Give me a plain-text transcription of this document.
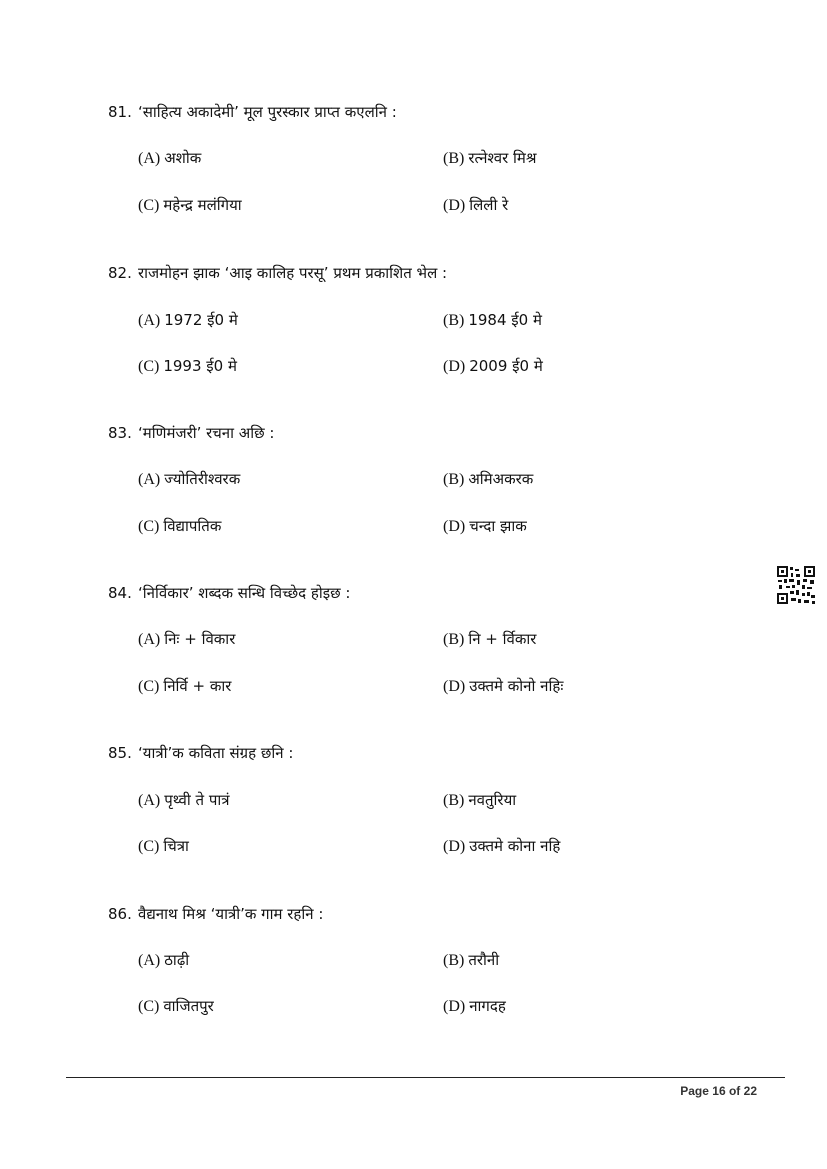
81. ‘साहित्य अकादेमी’ मूल पुरस्कार प्राप्त कएलनि :
(A) अशोक	(B) रत्नेश्वर मिश्र
(C) महेन्द्र मलंगिया	(D) लिली रे
82. राजमोहन झाक ‘आइ कालिह परसू’ प्रथम प्रकाशित भेल :
(A) 1972 ई0 मे	(B) 1984 ई0 मे
(C) 1993 ई0 मे	(D) 2009 ई0 मे
83. ‘मणिमंजरी’ रचना अछि :
(A) ज्योतिरीश्वरक	(B) अमिअकरक
(C) विद्यापतिक	(D) चन्दा झाक
84. ‘निर्विकार’ शब्दक सन्धि विच्छेद होइछ :
(A) निः + विकार	(B) नि + र्विकार
(C) निर्वि + कार	(D) उक्तमे कोनो नहिः
85. ‘यात्री’क कविता संग्रह छनि :
(A) पृथ्वी ते पात्रं	(B) नवतुरिया
(C) चित्रा	(D) उक्तमे कोना नहि
86. वैद्यनाथ मिश्र ‘यात्री’क गाम रहनि :
(A) ठाढ़ी	(B) तरौनी
(C) वाजितपुर	(D) नागदह
Page 16 of 22
